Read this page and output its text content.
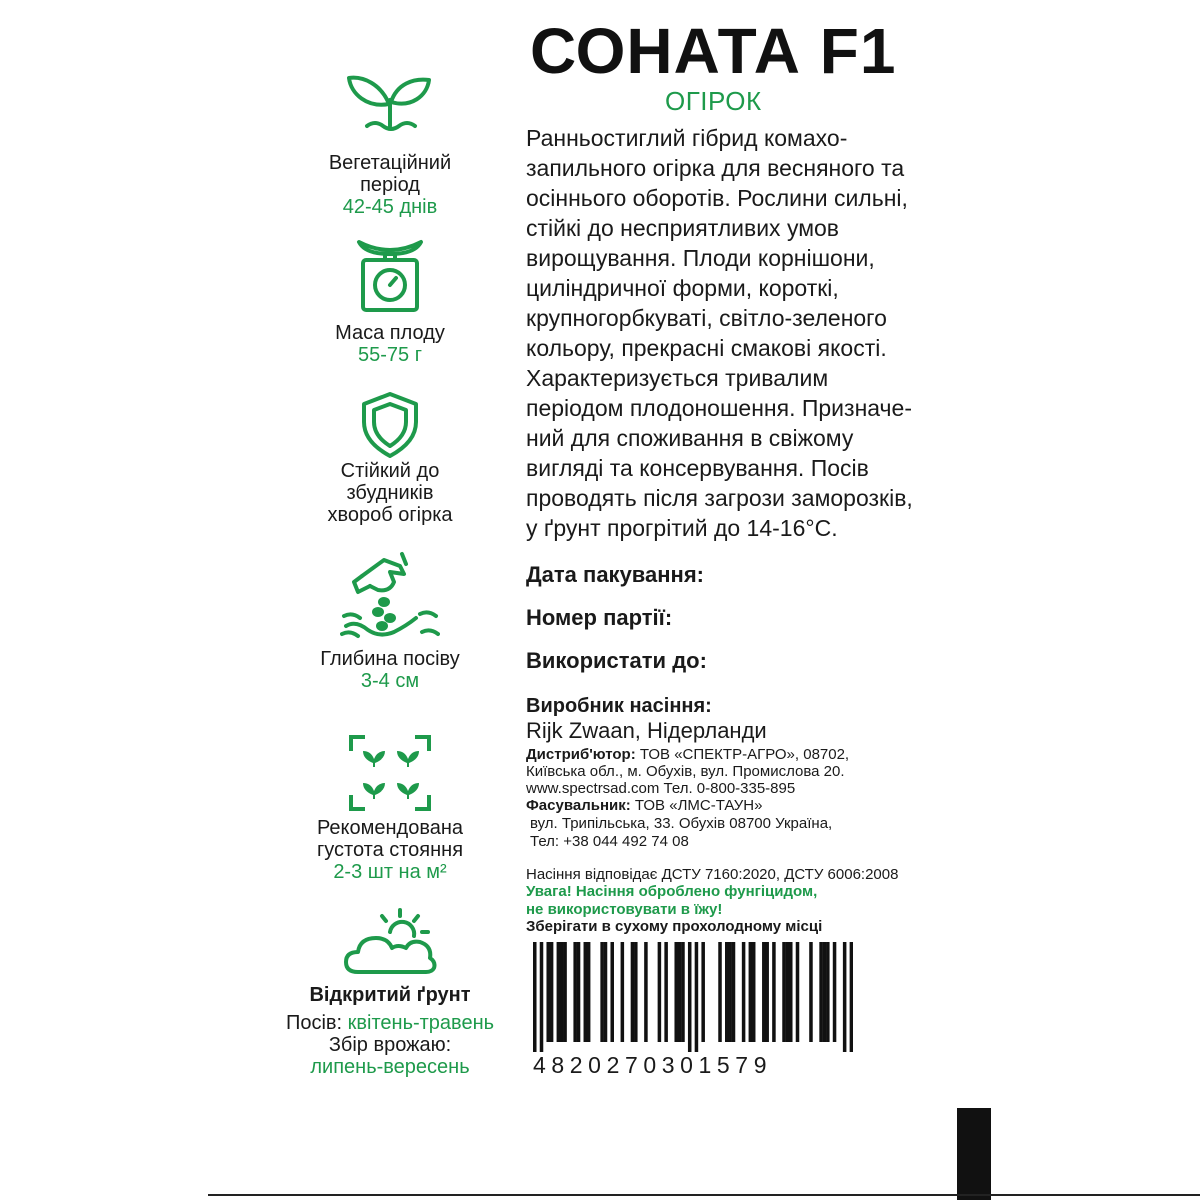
СОНАТА F1
ОГІРОК
Вегетаційний
період
42-45 днів
Маса плоду
55-75 г
Стійкий до
збудників
хвороб огірка
Глибина посіву
3-4 см
Рекомендована
густота стояння
2-3 шт на м²
Відкритий ґрунт
Посів: квітень-травень
Збір врожаю:
липень-вересень
Ранньостиглий гібрид комахо-
запильного огірка для весняного та
осіннього оборотів. Рослини сильні,
стійкі до несприятливих умов
вирощування. Плоди корнішони,
циліндричної форми, короткі,
крупногорбкуваті, світло-зеленого
кольору, прекрасні смакові якості.
Характеризується тривалим
періодом плодоношення. Призначе-
ний для споживання в свіжому
вигляді та консервування. Посів
проводять після загрози заморозків,
у ґрунт прогрітий до 14-16°С.
Дата пакування:
Номер партії:
Використати до:
Виробник насіння:
Rijk Zwaan, Нідерланди
Дистриб'ютор: ТОВ «СПЕКТР-АГРО», 08702,
Київська обл., м. Обухів, вул. Промислова 20.
www.spectrsad.com Тел. 0-800-335-895
Фасувальник: ТОВ «ЛМС-ТАУН»
вул. Трипільська, 33. Обухів 08700 Україна,
Тел: +38 044 492 74 08
Насіння відповідає ДСТУ 7160:2020, ДСТУ 6006:2008
Увага! Насіння оброблено фунгіцидом,
не використовувати в їжу!
Зберігати в сухому прохолодному місці
4820270301579
